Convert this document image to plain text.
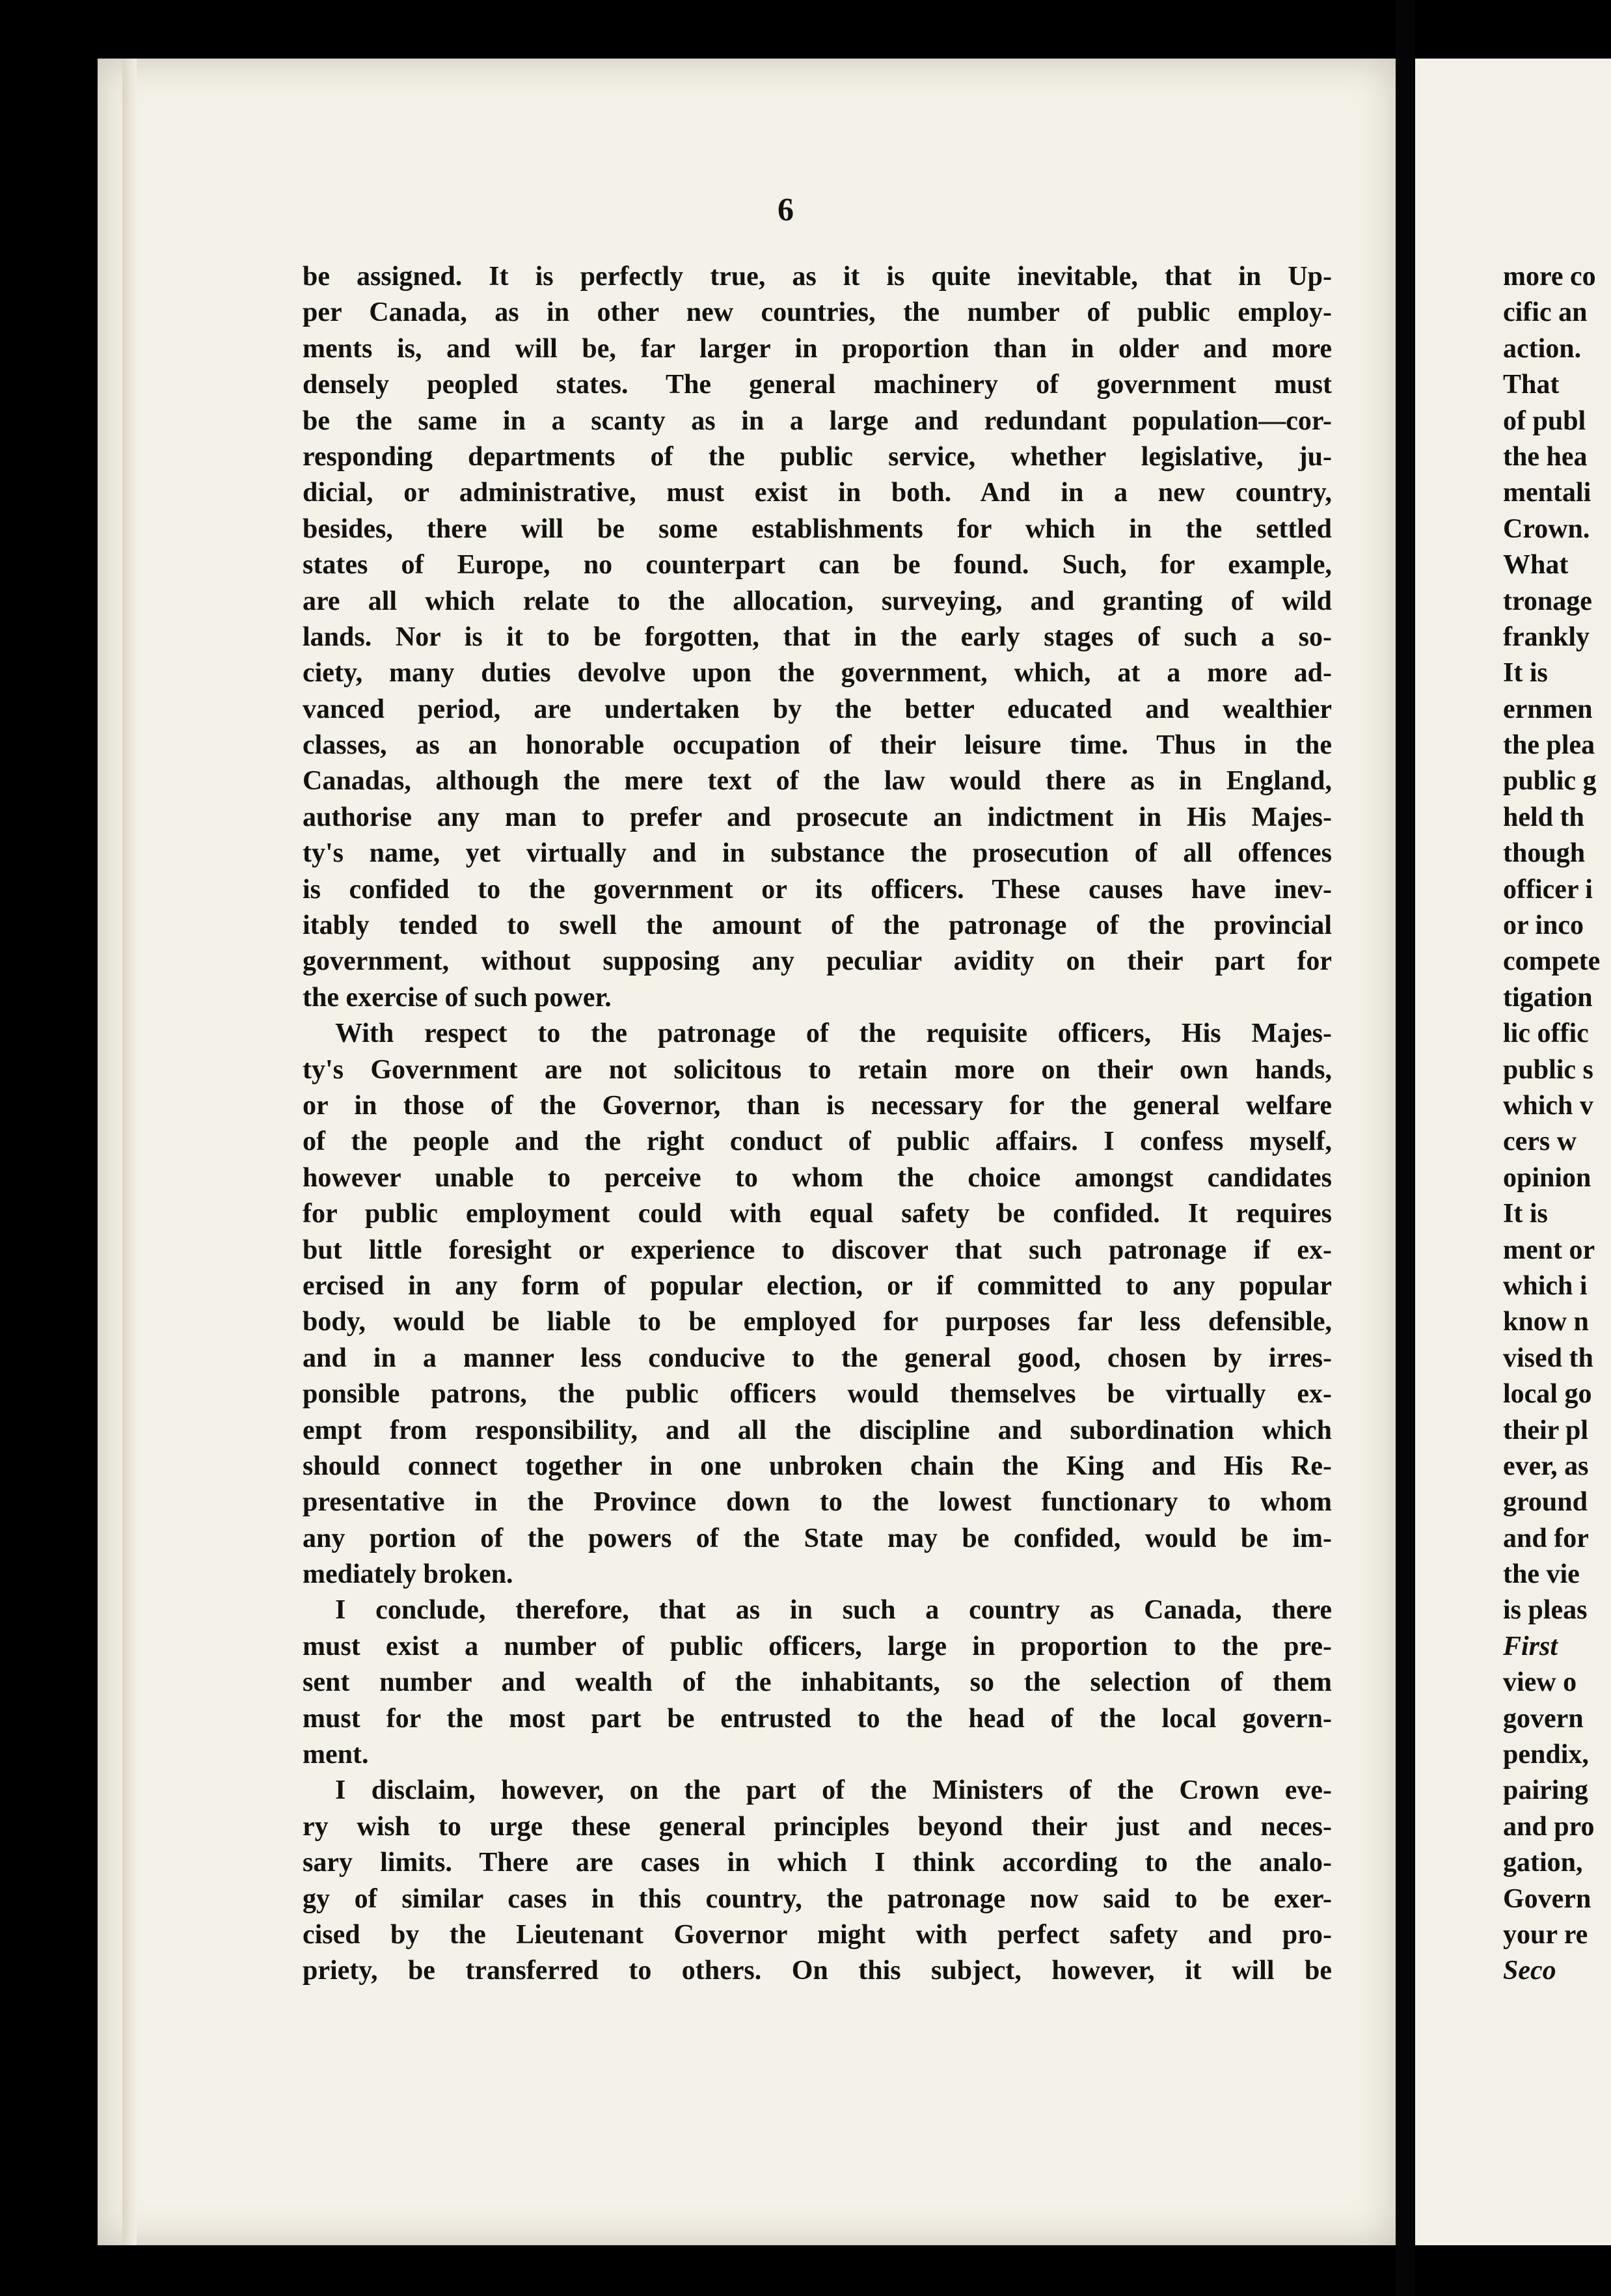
6
be assigned. It is perfectly true, as it is quite inevitable, that in Up-
per Canada, as in other new countries, the number of public employ-
ments is, and will be, far larger in proportion than in older and more
densely peopled states. The general machinery of government must
be the same in a scanty as in a large and redundant population—cor-
responding departments of the public service, whether legislative, ju-
dicial, or administrative, must exist in both. And in a new country,
besides, there will be some establishments for which in the settled
states of Europe, no counterpart can be found. Such, for example,
are all which relate to the allocation, surveying, and granting of wild
lands. Nor is it to be forgotten, that in the early stages of such a so-
ciety, many duties devolve upon the government, which, at a more ad-
vanced period, are undertaken by the better educated and wealthier
classes, as an honorable occupation of their leisure time. Thus in the
Canadas, although the mere text of the law would there as in England,
authorise any man to prefer and prosecute an indictment in His Majes-
ty's name, yet virtually and in substance the prosecution of all offences
is confided to the government or its officers. These causes have inev-
itably tended to swell the amount of the patronage of the provincial
government, without supposing any peculiar avidity on their part for
the exercise of such power.
With respect to the patronage of the requisite officers, His Majes-
ty's Government are not solicitous to retain more on their own hands,
or in those of the Governor, than is necessary for the general welfare
of the people and the right conduct of public affairs. I confess myself,
however unable to perceive to whom the choice amongst candidates
for public employment could with equal safety be confided. It requires
but little foresight or experience to discover that such patronage if ex-
ercised in any form of popular election, or if committed to any popular
body, would be liable to be employed for purposes far less defensible,
and in a manner less conducive to the general good, chosen by irres-
ponsible patrons, the public officers would themselves be virtually ex-
empt from responsibility, and all the discipline and subordination which
should connect together in one unbroken chain the King and His Re-
presentative in the Province down to the lowest functionary to whom
any portion of the powers of the State may be confided, would be im-
mediately broken.
I conclude, therefore, that as in such a country as Canada, there
must exist a number of public officers, large in proportion to the pre-
sent number and wealth of the inhabitants, so the selection of them
must for the most part be entrusted to the head of the local govern-
ment.
I disclaim, however, on the part of the Ministers of the Crown eve-
ry wish to urge these general principles beyond their just and neces-
sary limits. There are cases in which I think according to the analo-
gy of similar cases in this country, the patronage now said to be exer-
cised by the Lieutenant Governor might with perfect safety and pro-
priety, be transferred to others. On this subject, however, it will be
more co
cific an
action.
That
of publ
the hea
mentali
Crown.
What
tronage
frankly
It is
ernmen
the plea
public g
held th
though
officer i
or inco
compete
tigation
lic offic
public s
which v
cers w
opinion
It is
ment or
which i
know n
vised th
local go
their pl
ever, as
ground
and for
the vie
is pleas
First
view o
govern
pendix,
pairing
and pro
gation,
Govern
your re
Seco
